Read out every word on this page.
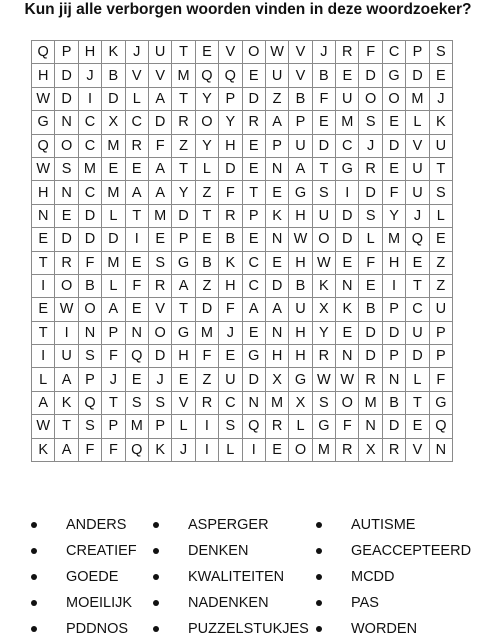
Kun jij alle verborgen woorden vinden in deze woordzoeker?
Q	P	H	K	J	U	T	E	V	O	W	V	J	R	F	C	P	S
H	D	J	B	V	V	M	Q	Q	E	U	V	B	E	D	G	D	E
W	D	I	D	L	A	T	Y	P	D	Z	B	F	U	O	O	M	J
G	N	C	X	C	D	R	O	Y	R	A	P	E	M	S	E	L	K
Q	O	C	M	R	F	Z	Y	H	E	P	U	D	C	J	D	V	U
W	S	M	E	E	A	T	L	D	E	N	A	T	G	R	E	U	T
H	N	C	M	A	A	Y	Z	F	T	E	G	S	I	D	F	U	S
N	E	D	L	T	M	D	T	R	P	K	H	U	D	S	Y	J	L
E	D	D	D	I	E	P	E	B	E	N	W	O	D	L	M	Q	E
T	R	F	M	E	S	G	B	K	C	E	H	W	E	F	H	E	Z
I	O	B	L	F	R	A	Z	H	C	D	B	K	N	E	I	T	Z
E	W	O	A	E	V	T	D	F	A	A	U	X	K	B	P	C	U
T	I	N	P	N	O	G	M	J	E	N	H	Y	E	D	D	U	P
I	U	S	F	Q	D	H	F	E	G	H	H	R	N	D	P	D	P
L	A	P	J	E	J	E	Z	U	D	X	G	W	W	R	N	L	F
A	K	Q	T	S	S	V	R	C	N	M	X	S	O	M	B	T	G
W	T	S	P	M	P	L	I	S	Q	R	L	G	F	N	D	E	Q
K	A	F	F	Q	K	J	I	L	I	E	O	M	R	X	R	V	N
ANDERS	ASPERGER	AUTISME
CREATIEF	DENKEN	GEACCEPTEERD
GOEDE	KWALITEITEN	MCDD
MOEILIJK	NADENKEN	PAS
PDDNOS	PUZZELSTUKJES	WORDEN
